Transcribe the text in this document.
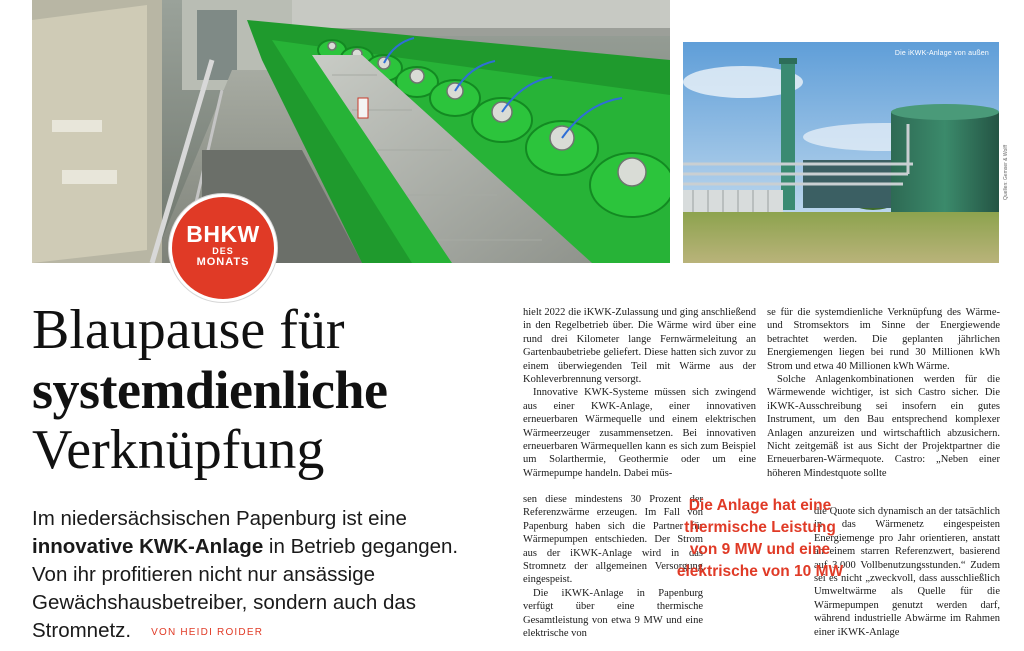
Die iKWK-Anlage von außen
Quellen: Gemser & Wolff
BHKW
DES
MONATS
Blaupause für
systemdienliche
Verknüpfung

Im niedersächsischen Papenburg ist eine innovative KWK-Anlage in Betrieb gegangen. Von ihr profitieren nicht nur ansässige Gewächshausbetreiber, sondern auch das Stromnetz. VON HEIDI ROIDER

hielt 2022 die iKWK-Zulassung und ging anschließend in den Regelbetrieb über. Die Wärme wird über eine rund drei Kilometer lange Fernwärmeleitung an Gartenbaubetriebe geliefert. Diese hatten sich zuvor zu einem überwiegenden Teil mit Wärme aus der Kohleverbrennung versorgt.

Innovative KWK-Systeme müssen sich zwingend aus einer KWK-Anlage, einer innovativen erneuerbaren Wärmequelle und einem elektrischen Wärmeerzeuger zusammensetzen. Bei innovativen erneuerbaren Wärmequellen kann es sich zum Beispiel um Solarthermie, Geothermie oder um eine Wärmepumpe handeln. Dabei müs-

sen diese mindestens 30 Prozent der Referenzwärme erzeugen. Im Fall von Papenburg haben sich die Partner für Wärmepumpen entschieden. Der Strom aus der iKWK-Anlage wird in das Stromnetz der allgemeinen Versorgung eingespeist.

Die iKWK-Anlage in Papenburg verfügt über eine thermische Gesamtleistung von etwa 9 MW und eine elektrische von

se für die systemdienliche Verknüpfung des Wärme- und Stromsektors im Sinne der Energiewende betrachtet werden. Die geplanten jährlichen Energiemengen liegen bei rund 30 Millionen kWh Strom und etwa 40 Millionen kWh Wärme.

Solche Anlagenkombinationen werden für die Wärmewende wichtiger, ist sich Castro sicher. Die iKWK-Ausschreibung sei insofern ein gutes Instrument, um den Bau entsprechend komplexer Anlagen anzureizen und wirtschaftlich abzusichern. Nicht zeitgemäß ist aus Sicht der Projektpartner die Erneuerbaren-Wärmequote. Castro: „Neben einer höheren Mindestquote sollte

die Quote sich dynamisch an der tatsächlich in das Wärmenetz eingespeisten Energiemenge pro Jahr orientieren, anstatt an einem starren Referenzwert, basierend auf 3.000 Vollbenutzungsstunden.“ Zudem sei es nicht „zweckvoll, dass ausschließlich Umweltwärme als Quelle für die Wärmepumpen genutzt werden darf, während industrielle Abwärme im Rahmen einer iKWK-Anlage

Die Anlage hat eine thermische Leistung von 9 MW und eine elektrische von 10 MW
